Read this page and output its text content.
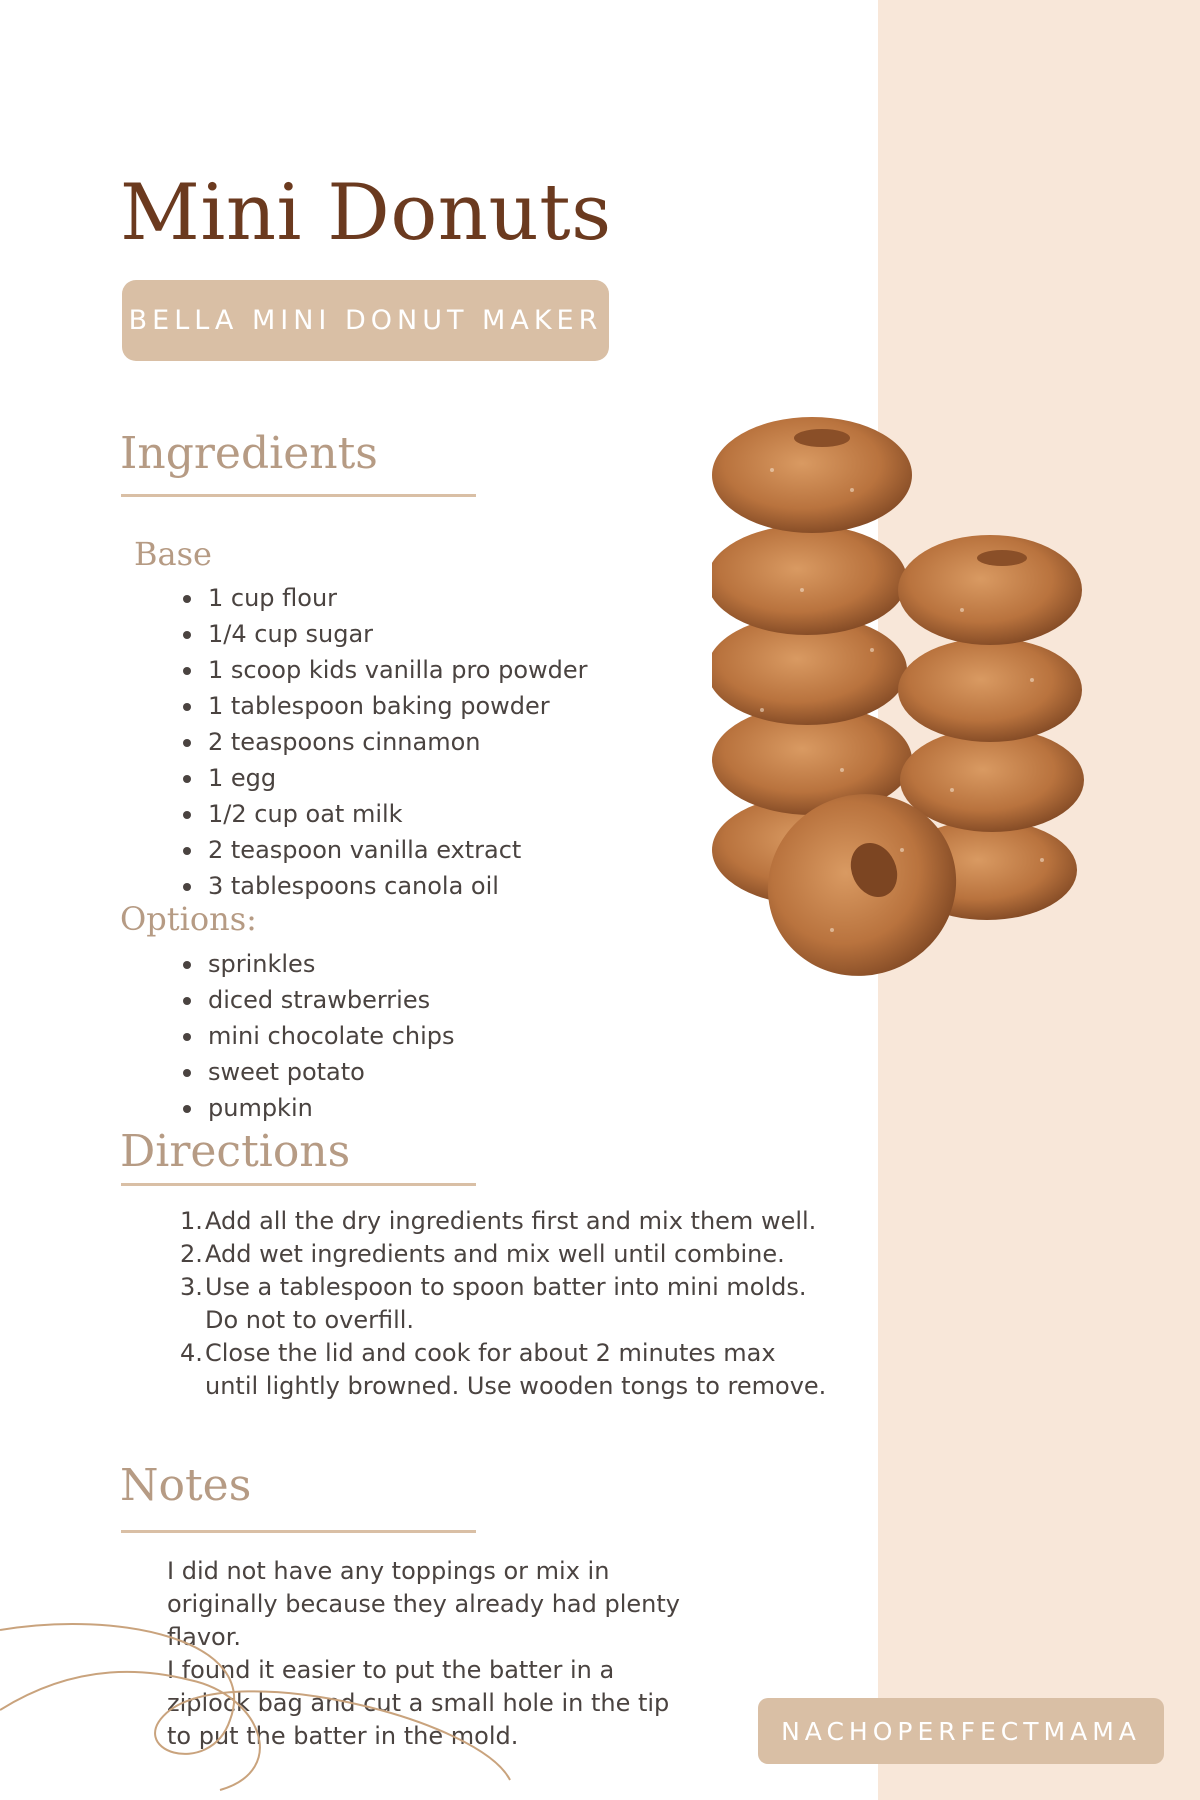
Mini Donuts
BELLA MINI DONUT MAKER
Ingredients
Base
1 cup flour
1/4 cup sugar
1 scoop kids vanilla pro powder
1 tablespoon baking powder
2 teaspoons cinnamon
1 egg
1/2 cup oat milk
2 teaspoon vanilla extract
3 tablespoons canola oil
Options:
sprinkles
diced strawberries
mini chocolate chips
sweet potato
pumpkin
Directions
1. Add all the dry ingredients first and mix them well.
2. Add wet ingredients and mix well until combine.
3. Use a tablespoon to spoon batter into mini molds. Do not to overfill.
4. Close the lid and cook for about 2 minutes max until lightly browned. Use wooden tongs to remove.
Notes

I did not have any toppings or mix in originally because they already had plenty flavor.

I found it easier to put the batter in a ziplock bag and cut a small hole in the tip to put the batter in the mold.	NACHOPERFECTMAMA
